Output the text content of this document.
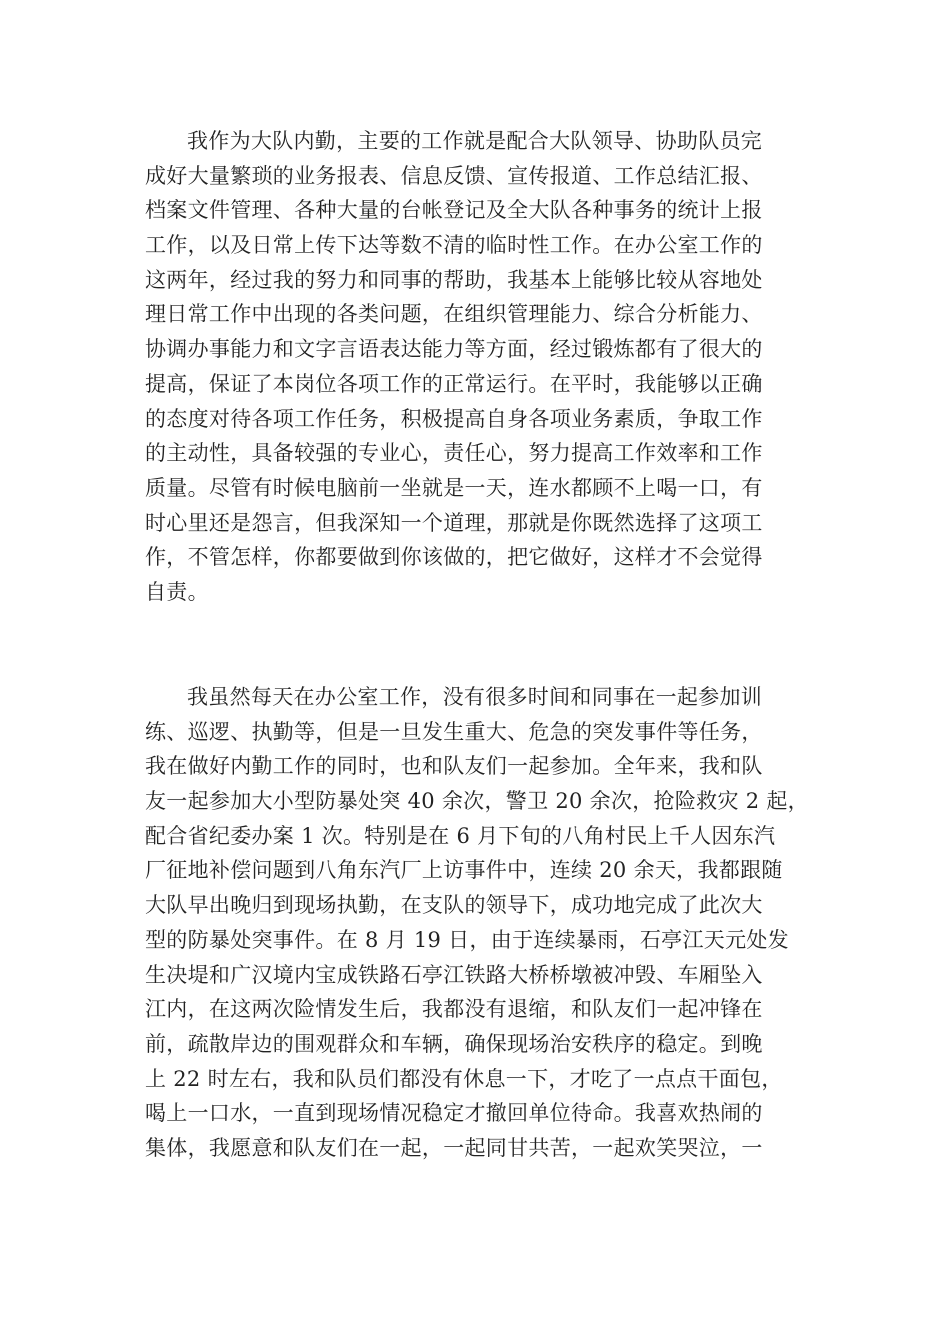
我作为大队内勤，主要的工作就是配合大队领导、协助队员完
成好大量繁琐的业务报表、信息反馈、宣传报道、工作总结汇报、
档案文件管理、各种大量的台帐登记及全大队各种事务的统计上报
工作，以及日常上传下达等数不清的临时性工作。在办公室工作的
这两年，经过我的努力和同事的帮助，我基本上能够比较从容地处
理日常工作中出现的各类问题，在组织管理能力、综合分析能力、
协调办事能力和文字言语表达能力等方面，经过锻炼都有了很大的
提高，保证了本岗位各项工作的正常运行。在平时，我能够以正确
的态度对待各项工作任务，积极提高自身各项业务素质，争取工作
的主动性，具备较强的专业心，责任心，努力提高工作效率和工作
质量。尽管有时候电脑前一坐就是一天，连水都顾不上喝一口，有
时心里还是怨言，但我深知一个道理，那就是你既然选择了这项工
作，不管怎样，你都要做到你该做的，把它做好，这样才不会觉得
自责。
我虽然每天在办公室工作，没有很多时间和同事在一起参加训
练、巡逻、执勤等，但是一旦发生重大、危急的突发事件等任务，
我在做好内勤工作的同时，也和队友们一起参加。全年来，我和队
友一起参加大小型防暴处突 40 余次，警卫 20 余次，抢险救灾 2 起，
配合省纪委办案 1 次。特别是在 6 月下旬的八角村民上千人因东汽
厂征地补偿问题到八角东汽厂上访事件中，连续 20 余天，我都跟随
大队早出晚归到现场执勤，在支队的领导下，成功地完成了此次大
型的防暴处突事件。在 8 月 19 日，由于连续暴雨，石亭江天元处发
生决堤和广汉境内宝成铁路石亭江铁路大桥桥墩被冲毁、车厢坠入
江内，在这两次险情发生后，我都没有退缩，和队友们一起冲锋在
前，疏散岸边的围观群众和车辆，确保现场治安秩序的稳定。到晚
上 22 时左右，我和队员们都没有休息一下，才吃了一点点干面包，
喝上一口水，一直到现场情况稳定才撤回单位待命。我喜欢热闹的
集体，我愿意和队友们在一起，一起同甘共苦，一起欢笑哭泣，一
